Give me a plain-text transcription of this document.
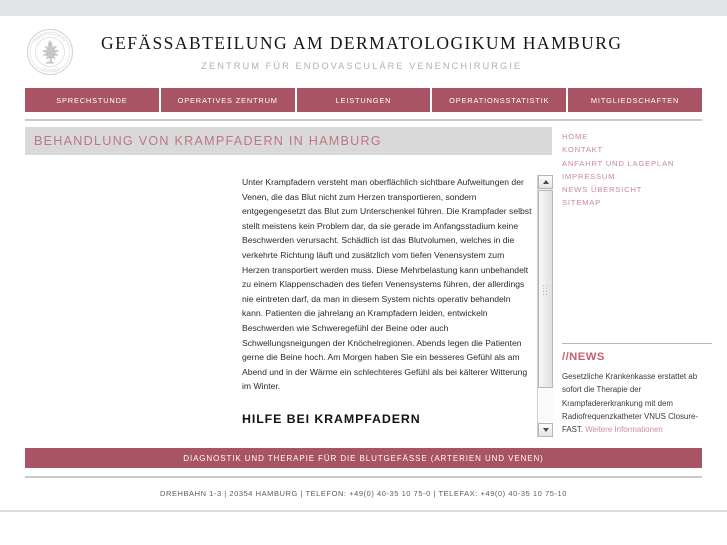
DERMATOLOGIKUM
HAMBURG
GEFÄSSABTEILUNG AM DERMATOLOGIKUM HAMBURG
ZENTRUM FÜR ENDOVASCULÄRE VENENCHIRURGIE
SPRECHSTUNDE	OPERATIVES ZENTRUM	LEISTUNGEN	OPERATIONSSTATISTIK	MITGLIEDSCHAFTEN
BEHANDLUNG VON KRAMPFADERN IN HAMBURG

Unter Krampfadern versteht man oberflächlich sichtbare Aufweitungen der Venen, die das Blut nicht zum Herzen transportieren, sondern entgegengesetzt das Blut zum Unterschenkel führen. Die Krampfader selbst stellt meistens kein Problem dar, da sie gerade im Anfangsstadium keine Beschwerden verursacht. Schädlich ist das Blutvolumen, welches in die verkehrte Richtung läuft und zusätzlich vom tiefen Venensystem zum Herzen transportiert werden muss. Diese Mehrbelastung kann unbehandelt zu einem Klappenschaden des tiefen Venensystems führen, der allerdings nie eintreten darf, da man in diesem System nichts operativ behandeln kann. Patienten die jahrelang an Krampfadern leiden, entwickeln Beschwerden wie Schweregefühl der Beine oder auch Schwellungsneigungen der Knöchelregionen. Abends legen die Patienten gerne die Beine hoch. Am Morgen haben Sie ein besseres Gefühl als am Abend und in der Wärme ein schlechteres Gefühl als bei kälterer Witterung im Winter.

HILFE BEI KRAMPFADERN

HOME
KONTAKT
ANFAHRT UND LAGEPLAN
IMPRESSUM
NEWS ÜBERSICHT
SITEMAP
//NEWS
Gesetzliche Krankenkasse erstattet ab sofort die Therapie der Krampfadererkrankung mit dem Radiofrequenzkatheter VNUS Closure-FAST. Weitere Informationen
DIAGNOSTIK UND THERAPIE FÜR DIE BLUTGEFÄSSE (ARTERIEN UND VENEN)
DREHBAHN 1-3 | 20354 HAMBURG | TELEFON: +49(0) 40-35 10 75-0 | TELEFAX: +49(0) 40-35 10 75-10
